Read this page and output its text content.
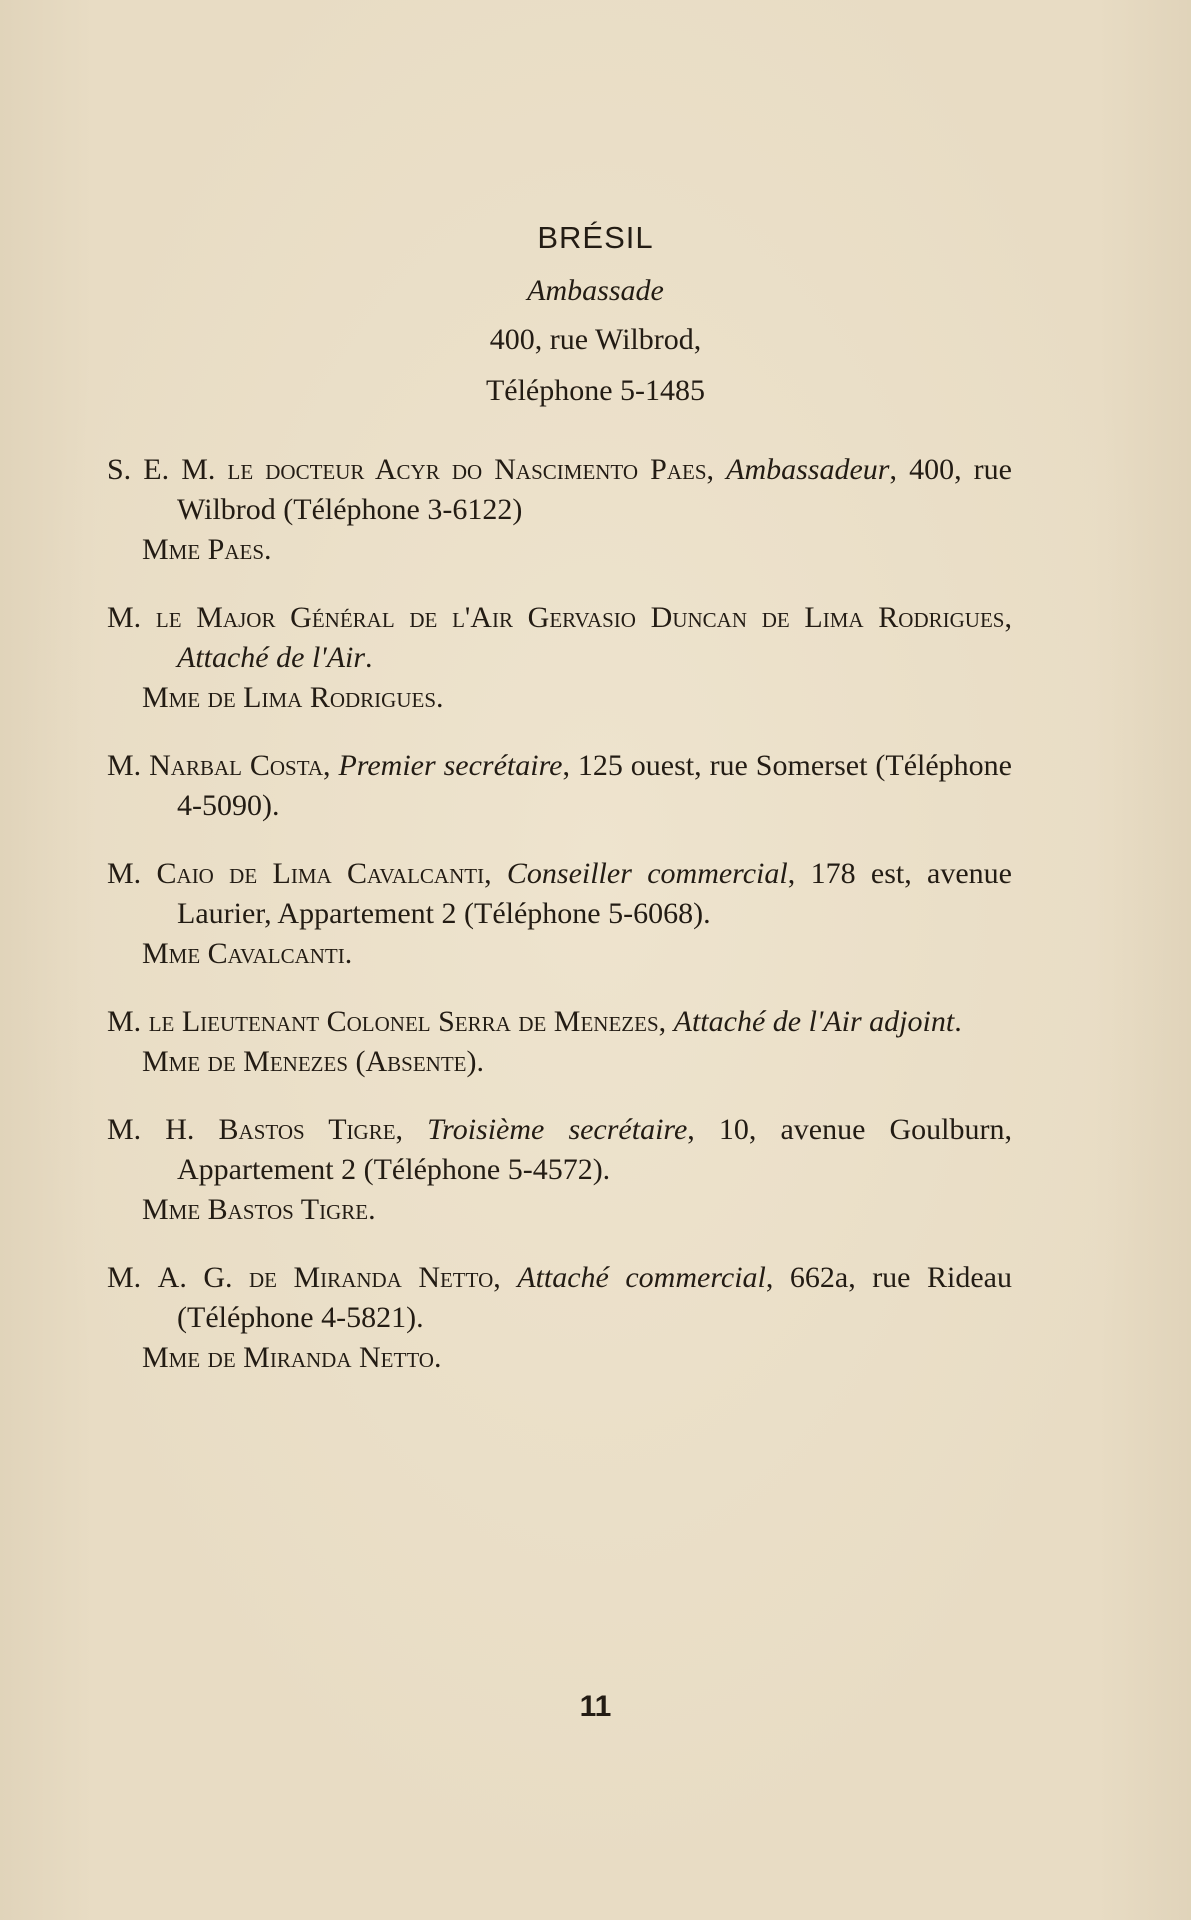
BRÉSIL
Ambassade
400, rue Wilbrod,
Téléphone 5-1485
S. E. M. le docteur Acyr do Nascimento Paes, Ambassadeur, 400, rue Wilbrod (Téléphone 3-6122)
Mme Paes.
M. le Major Général de l'Air Gervasio Duncan de Lima Rodrigues, Attaché de l'Air.
Mme de Lima Rodrigues.
M. Narbal Costa, Premier secrétaire, 125 ouest, rue Somerset (Téléphone 4-5090).
M. Caio de Lima Cavalcanti, Conseiller commercial, 178 est, avenue Laurier, Appartement 2 (Téléphone 5-6068).
Mme Cavalcanti.
M. le Lieutenant Colonel Serra de Menezes, Attaché de l'Air adjoint.
Mme de Menezes (Absente).
M. H. Bastos Tigre, Troisième secrétaire, 10, avenue Goulburn, Appartement 2 (Téléphone 5-4572).
Mme Bastos Tigre.
M. A. G. de Miranda Netto, Attaché commercial, 662a, rue Rideau (Téléphone 4-5821).
Mme de Miranda Netto.
11
